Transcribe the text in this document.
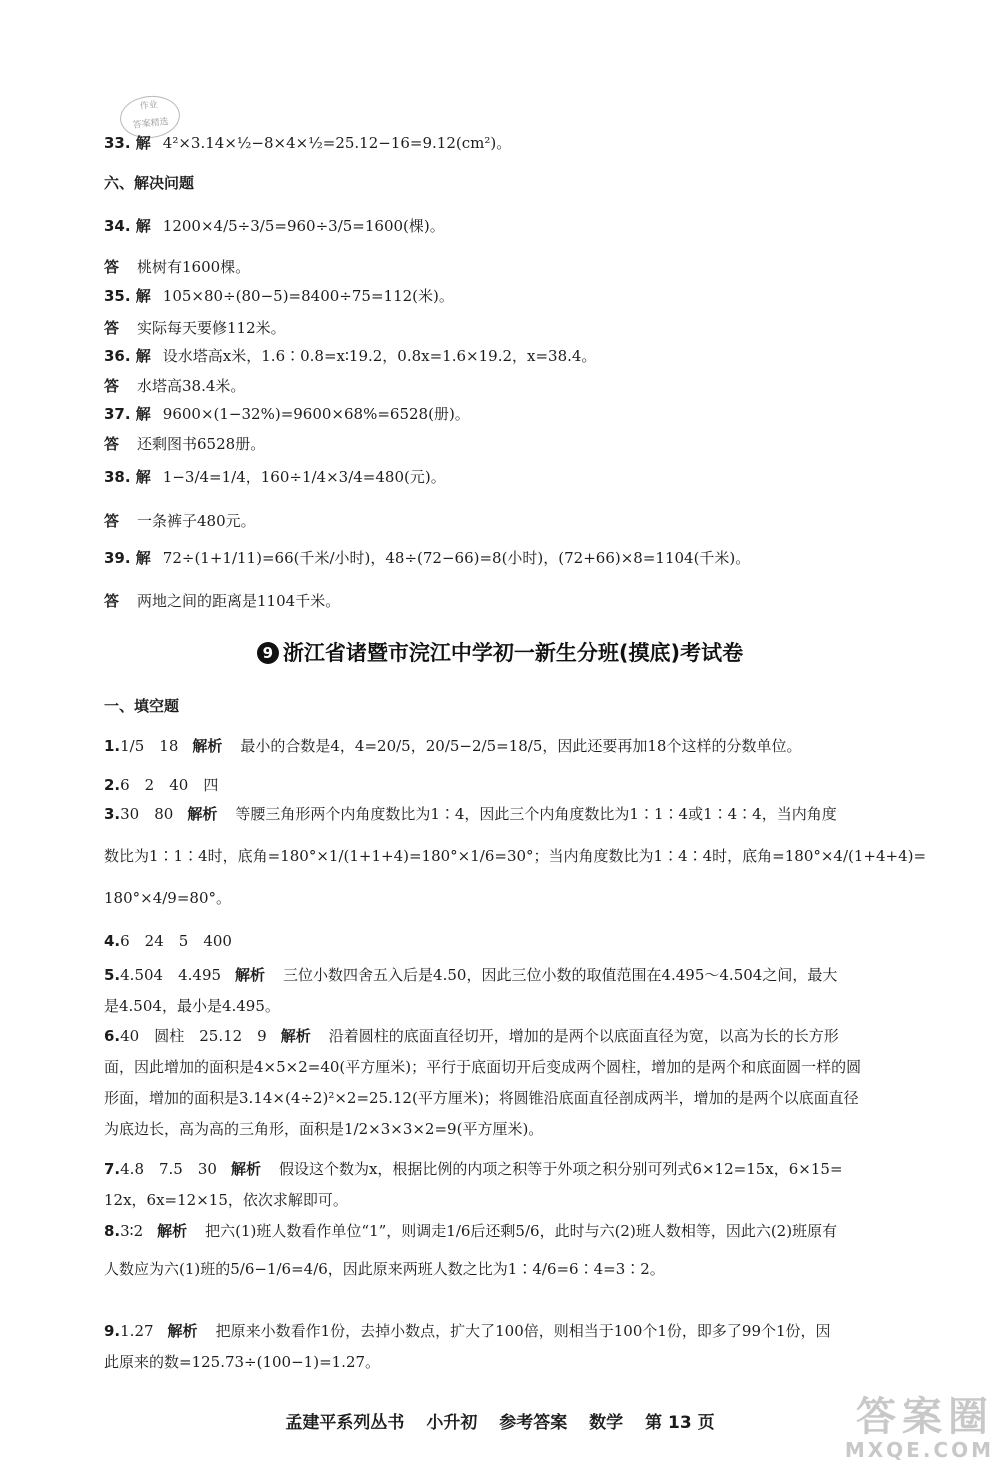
作业
答案精选
33. 解 4²×3.14×½−8×4×½=25.12−16=9.12(cm²)。
六、解决问题
34. 解 1200×4/5÷3/5=960÷3/5=1600(棵)。
答 桃树有1600棵。
35. 解 105×80÷(80−5)=8400÷75=112(米)。
答 实际每天要修112米。
36. 解 设水塔高x米，1.6∶0.8=x∶19.2，0.8x=1.6×19.2，x=38.4。
答 水塔高38.4米。
37. 解 9600×(1−32%)=9600×68%=6528(册)。
答 还剩图书6528册。
38. 解 1−3/4=1/4，160÷1/4×3/4=480(元)。
答 一条裤子480元。
39. 解 72÷(1+1/11)=66(千米/小时)，48÷(72−66)=8(小时)，(72+66)×8=1104(千米)。
答 两地之间的距离是1104千米。
9 浙江省诸暨市浣江中学初一新生分班(摸底)考试卷
一、填空题
1.1/5　18 解析 最小的合数是4，4=20/5，20/5−2/5=18/5，因此还要再加18个这样的分数单位。
2.6　2　40　四
3.30　80 解析 等腰三角形两个内角度数比为1∶4，因此三个内角度数比为1∶1∶4或1∶4∶4，当内角度
数比为1∶1∶4时，底角=180°×1/(1+1+4)=180°×1/6=30°；当内角度数比为1∶4∶4时，底角=180°×4/(1+4+4)=
180°×4/9=80°。
4.6　24　5　400
5.4.504　4.495 解析 三位小数四舍五入后是4.50，因此三位小数的取值范围在4.495～4.504之间，最大
是4.504，最小是4.495。
6.40　圆柱　25.12　9 解析 沿着圆柱的底面直径切开，增加的是两个以底面直径为宽，以高为长的长方形
面，因此增加的面积是4×5×2=40(平方厘米)；平行于底面切开后变成两个圆柱，增加的是两个和底面圆一样的圆
形面，增加的面积是3.14×(4÷2)²×2=25.12(平方厘米)；将圆锥沿底面直径剖成两半，增加的是两个以底面直径
为底边长，高为高的三角形，面积是1/2×3×3×2=9(平方厘米)。
7.4.8　7.5　30 解析 假设这个数为x，根据比例的内项之积等于外项之积分别可列式6×12=15x，6×15=
12x，6x=12×15，依次求解即可。
8.3∶2 解析 把六(1)班人数看作单位“1”，则调走1/6后还剩5/6，此时与六(2)班人数相等，因此六(2)班原有
人数应为六(1)班的5/6−1/6=4/6，因此原来两班人数之比为1∶4/6=6∶4=3∶2。
9.1.27 解析 把原来小数看作1份，去掉小数点，扩大了100倍，则相当于100个1份，即多了99个1份，因
此原来的数=125.73÷(100−1)=1.27。
孟建平系列丛书 小升初 参考答案 数学 第 13 页	答案圈
MXQE.COM
